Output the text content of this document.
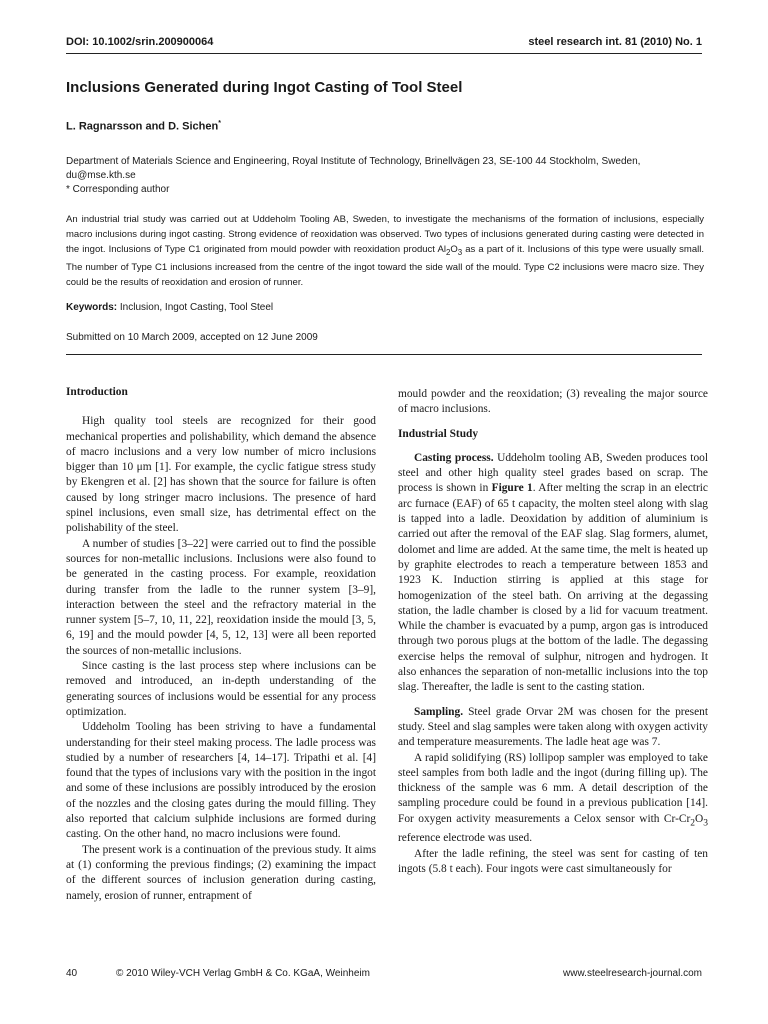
DOI: 10.1002/srin.200900064	steel research int. 81 (2010) No. 1
Inclusions Generated during Ingot Casting of Tool Steel
L. Ragnarsson and D. Sichen*
Department of Materials Science and Engineering, Royal Institute of Technology, Brinellvägen 23, SE-100 44 Stockholm, Sweden,
du@mse.kth.se
* Corresponding author
An industrial trial study was carried out at Uddeholm Tooling AB, Sweden, to investigate the mechanisms of the formation of inclusions, especially macro inclusions during ingot casting. Strong evidence of reoxidation was observed. Two types of inclusions generated during casting were detected in the ingot. Inclusions of Type C1 originated from mould powder with reoxidation product $Al_2O_3$ as a part of it. Inclusions of this type were usually small. The number of Type C1 inclusions increased from the centre of the ingot toward the side wall of the mould. Type C2 inclusions were macro size. They could be the results of reoxidation and erosion of runner.
Keywords: Inclusion, Ingot Casting, Tool Steel
Submitted on 10 March 2009, accepted on 12 June 2009
Introduction

High quality tool steels are recognized for their good mechanical properties and polishability, which demand the absence of macro inclusions and a very low number of micro inclusions bigger than 10 μm [1]. For example, the cyclic fatigue stress study by Ekengren et al. [2] has shown that the source for failure is often caused by long stringer macro inclusions. The presence of hard spinel inclusions, even small size, has detrimental effect on the polishability of the steel.

A number of studies [3–22] were carried out to find the possible sources for non-metallic inclusions. Inclusions were also found to be generated in the casting process. For example, reoxidation during transfer from the ladle to the runner system [3–9], interaction between the steel and the refractory material in the runner system [5–7, 10, 11, 22], reoxidation inside the mould [3, 5, 6, 19] and the mould powder [4, 5, 12, 13] were all been reported the sources of non-metallic inclusions.

Since casting is the last process step where inclusions can be removed and introduced, an in-depth understanding of the generating sources of inclusions would be essential for any process optimization.

Uddeholm Tooling has been striving to have a fundamental understanding for their steel making process. The ladle process was studied by a number of researchers [4, 14–17]. Tripathi et al. [4] found that the types of inclusions vary with the position in the ingot and some of these inclusions are possibly introduced by the erosion of the nozzles and the closing gates during the mould filling. They also reported that calcium sulphide inclusions are formed during casting. On the other hand, no macro inclusions were found.

The present work is a continuation of the previous study. It aims at (1) conforming the previous findings; (2) examining the impact of the different sources of inclusion generation during casting, namely, erosion of runner, entrapment of

mould powder and the reoxidation; (3) revealing the major source of macro inclusions.

Industrial Study

Casting process. Uddeholm tooling AB, Sweden produces tool steel and other high quality steel grades based on scrap. The process is shown in Figure 1. After melting the scrap in an electric arc furnace (EAF) of 65 t capacity, the molten steel along with slag is tapped into a ladle. Deoxidation by addition of aluminium is carried out after the removal of the EAF slag. Slag formers, alumet, dolomet and lime are added. At the same time, the melt is heated up by graphite electrodes to reach a temperature between 1853 and 1923 K. Induction stirring is applied at this stage for homogenization of the steel bath. On arriving at the degassing station, the ladle chamber is closed by a lid for vacuum treatment. While the chamber is evacuated by a pump, argon gas is introduced through two porous plugs at the bottom of the ladle. The degassing exercise helps the removal of sulphur, nitrogen and hydrogen. It also enhances the separation of non-metallic inclusions into the top slag. Thereafter, the ladle is sent to the casting station.

Sampling. Steel grade Orvar 2M was chosen for the present study. Steel and slag samples were taken along with oxygen activity and temperature measurements. The ladle heat age was 7.

A rapid solidifying (RS) lollipop sampler was employed to take steel samples from both ladle and the ingot (during filling up). The thickness of the sample was 6 mm. A detail description of the sampling procedure could be found in a previous publication [14]. For oxygen activity measurements a Celox sensor with $Cr-Cr_2O_3$ reference electrode was used.

After the ladle refining, the steel was sent for casting of ten ingots (5.8 t each). Four ingots were cast simultaneously for

40	© 2010 Wiley-VCH Verlag GmbH & Co. KGaA, Weinheim	www.steelresearch-journal.com
